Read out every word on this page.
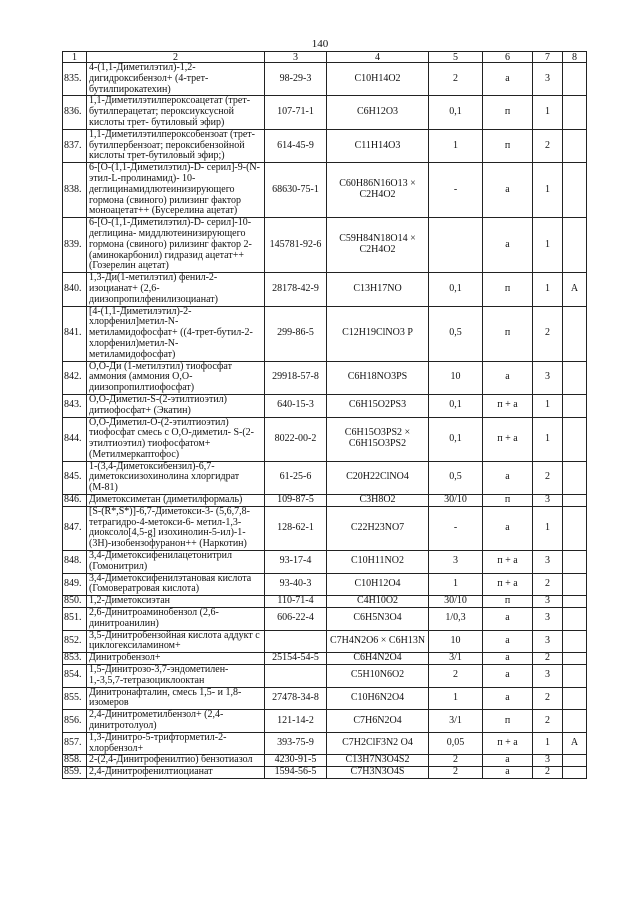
140
1	2	3	4	5	6	7	8
835.	4-(1,1-Диметилэтил)-1,2-дигидроксибензол+ (4-трет-бутилпирокатехин)	98-29-3	C10H14O2	2	а	3	
836.	1,1-Диметилэтилпероксоацетат (трет-бутилперацетат; пероксиуксусной кислоты трет- бутиловый эфир)	107-71-1	C6H12O3	0,1	п	1	
837.	1,1-Диметилэтилпероксобензоат (трет-бутилпербензоат; пероксибензойной кислоты трет-бутиловый эфир;)	614-45-9	C11H14O3	1	п	2	
838.	6-[O-(1,1-Диметилэтил)-D- серил]-9-(N-этил-L-пролинамид)- 10-деглицинамидлютеинизирующего гормона (свиного) рилизинг фактор моноацетат++ (Бусерелина ацетат)	68630-75-1	C60H86N16O13 × C2H4O2	-	а	1	
839.	6-[O-(1,1-Диметилэтил)-D- серил]-10-деглицина- миддлютеинизирующего гормона (свиного) рилизинг фактор 2-(аминокарбонил) гидразид ацетат++ (Гозерелин ацетат)	145781-92-6	C59H84N18O14 × C2H4O2		а	1	
840.	1,3-Ди(1-метилэтил) фенил-2-изоцианат+ (2,6-диизопропилфенилизоцианат)	28178-42-9	C13H17NO	0,1	п	1	А
841.	[4-(1,1-Диметилэтил)-2-хлорфенил]метил-N-метиламидофосфат+ ((4-трет-бутил-2-хлорфенил)метил-N-метиламидофосфат)	299-86-5	C12H19ClNO3 P	0,5	п	2	
842.	O,O-Ди (1-метилэтил) тиофосфат аммония (аммония O,O-диизопропилтиофосфат)	29918-57-8	C6H18NO3PS	10	а	3	
843.	O,O-Диметил-S-(2-этилтиоэтил) дитиофосфат+ (Экатин)	640-15-3	C6H15O2PS3	0,1	п + а	1	
844.	O,O-Диметил-O-(2-этилтиоэтил) тиофосфат смесь с O,O-диметил- S-(2-этилтиоэтил) тиофосфатом+ (Метилмеркаптофос)	8022-00-2	C6H15O3PS2 × C6H15O3PS2	0,1	п + а	1	
845.	1-(3,4-Диметоксибензил)-6,7-диметоксиизохинолина хлоргидрат (М-81)	61-25-6	C20H22ClNO4	0,5	а	2	
846.	Диметоксиметан (диметилформаль)	109-87-5	C3H8O2	30/10	п	3	
847.	[S-(R*,S*)]-6,7-Диметокси-3- (5,6,7,8-тетрагидро-4-метокси-6- метил-1,3-диоксоло[4,5-g] изохинолин-5-ил)-1-(3Н)-изобензофуранон++ (Наркотин)	128-62-1	C22H23NO7	-	а	1	
848.	3,4-Диметоксифенилацетонитрил (Гомонитрил)	93-17-4	C10H11NO2	3	п + а	3	
849.	3,4-Диметоксифенилэтановая кислота (Гомовератровая кислота)	93-40-3	C10H12O4	1	п + а	2	
850.	1,2-Диметоксиэтан	110-71-4	C4H10O2	30/10	п	3	
851.	2,6-Динитроаминобензол (2,6-динитроанилин)	606-22-4	C6H5N3O4	1/0,3	а	3	
852.	3,5-Динитробензойная кислота аддукт с циклогексиламином+		C7H4N2O6 × C6H13N	10	а	3	
853.	Динитробензол+	25154-54-5	C6H4N2O4	3/1	а	2	
854.	1,5-Динитрозо-3,7-эндометилен- 1,-3,5,7-тетразоциклооктан		C5H10N6O2	2	а	3	
855.	Динитронафталин, смесь 1,5- и 1,8-изомеров	27478-34-8	C10H6N2O4	1	а	2	
856.	2,4-Динитрометилбензол+ (2,4-динитротолуол)	121-14-2	C7H6N2O4	3/1	п	2	
857.	1,3-Динитро-5-трифторметил-2-хлорбензол+	393-75-9	C7H2ClF3N2 O4	0,05	п + а	1	А
858.	2-(2,4-Динитрофенилтио) бензотиазол	4230-91-5	C13H7N3O4S2	2	а	3	
859.	2,4-Динитрофенилтиоцианат	1594-56-5	C7H3N3O4S	2	а	2	
